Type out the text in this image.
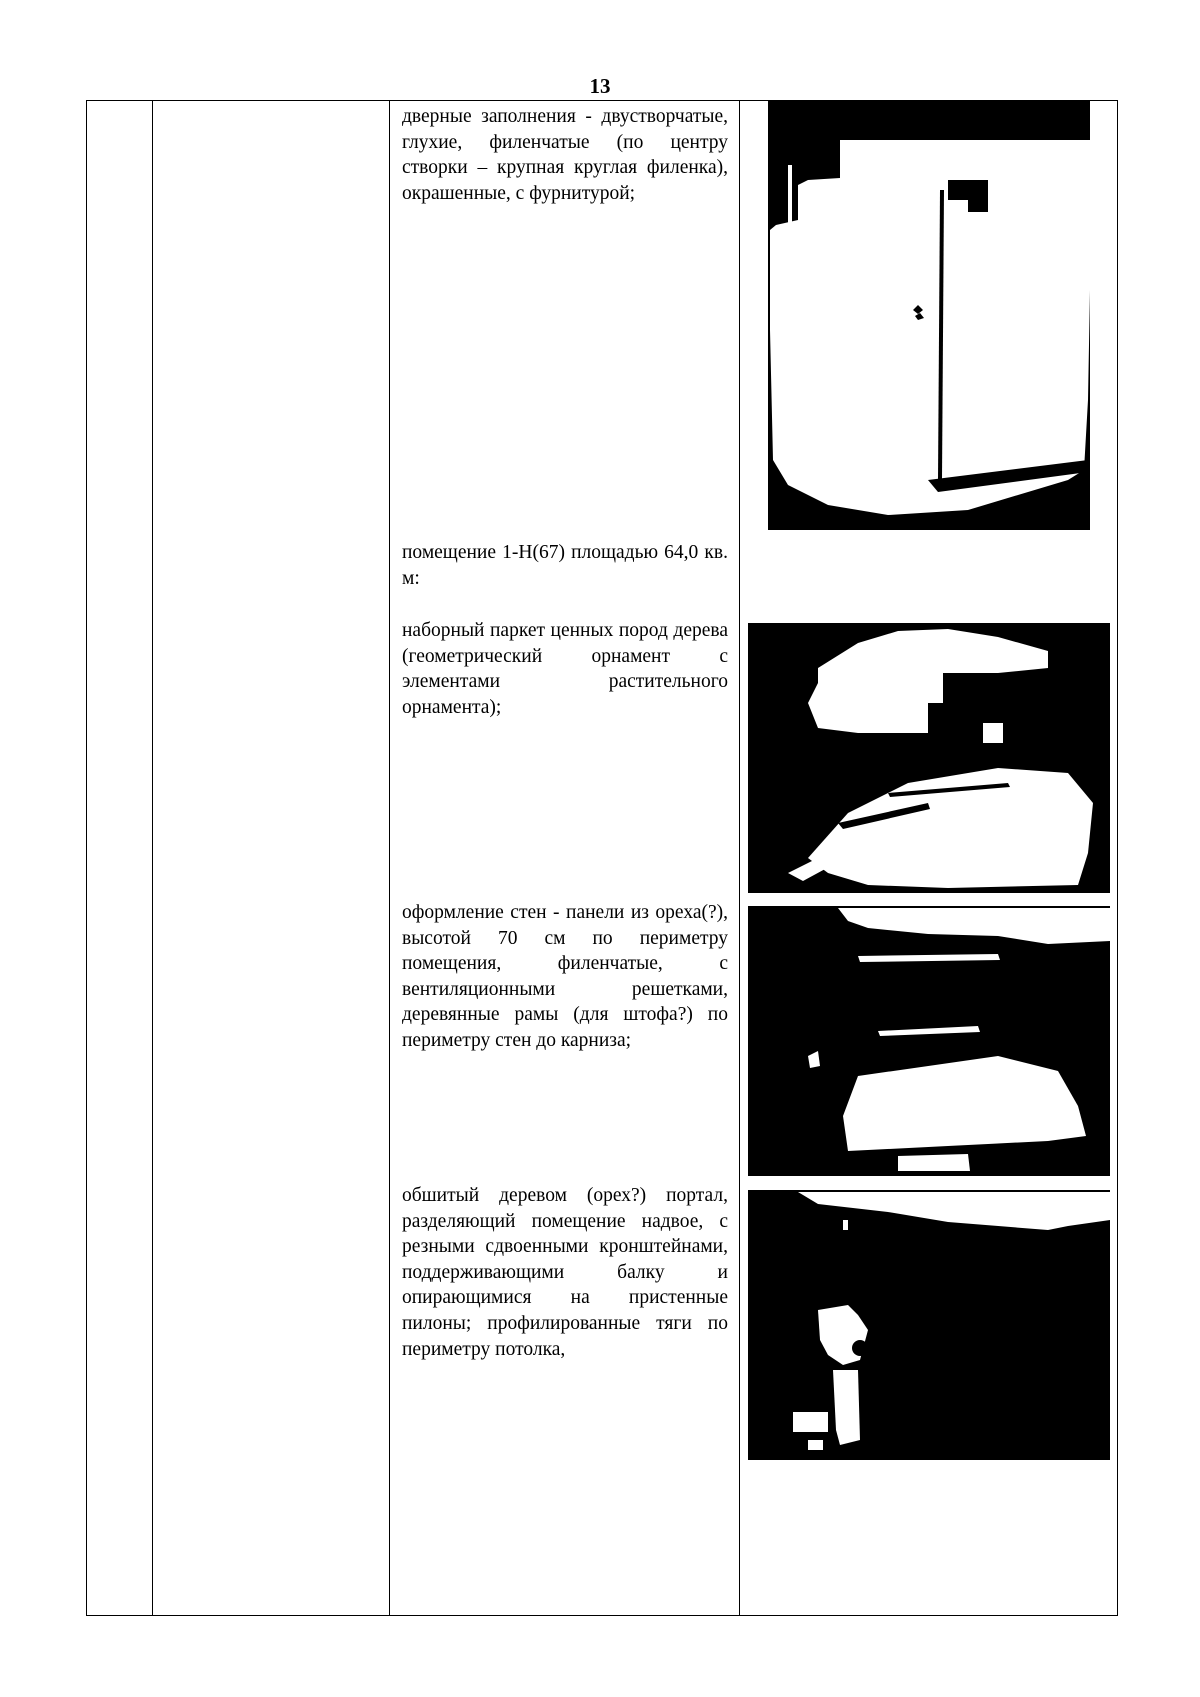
13
дверные заполнения - двустворчатые, глухие, филенчатые (по центру створки – крупная круглая филенка), окрашенные, с фурнитурой;
помещение 1-Н(67) площадью 64,0 кв. м:
наборный паркет ценных пород дерева (геометрический орнамент с элементами растительного орнамента);
оформление стен - панели из ореха(?), высотой 70 см по периметру помещения, филенчатые, с вентиляционными решетками, деревянные рамы (для штофа?) по периметру стен до карниза;
обшитый деревом (орех?) портал, разделяющий помещение надвое, с резными сдвоенными кронштейнами, поддерживающими балку и опирающимися на пристенные пилоны; профилированные тяги по периметру потолка,
